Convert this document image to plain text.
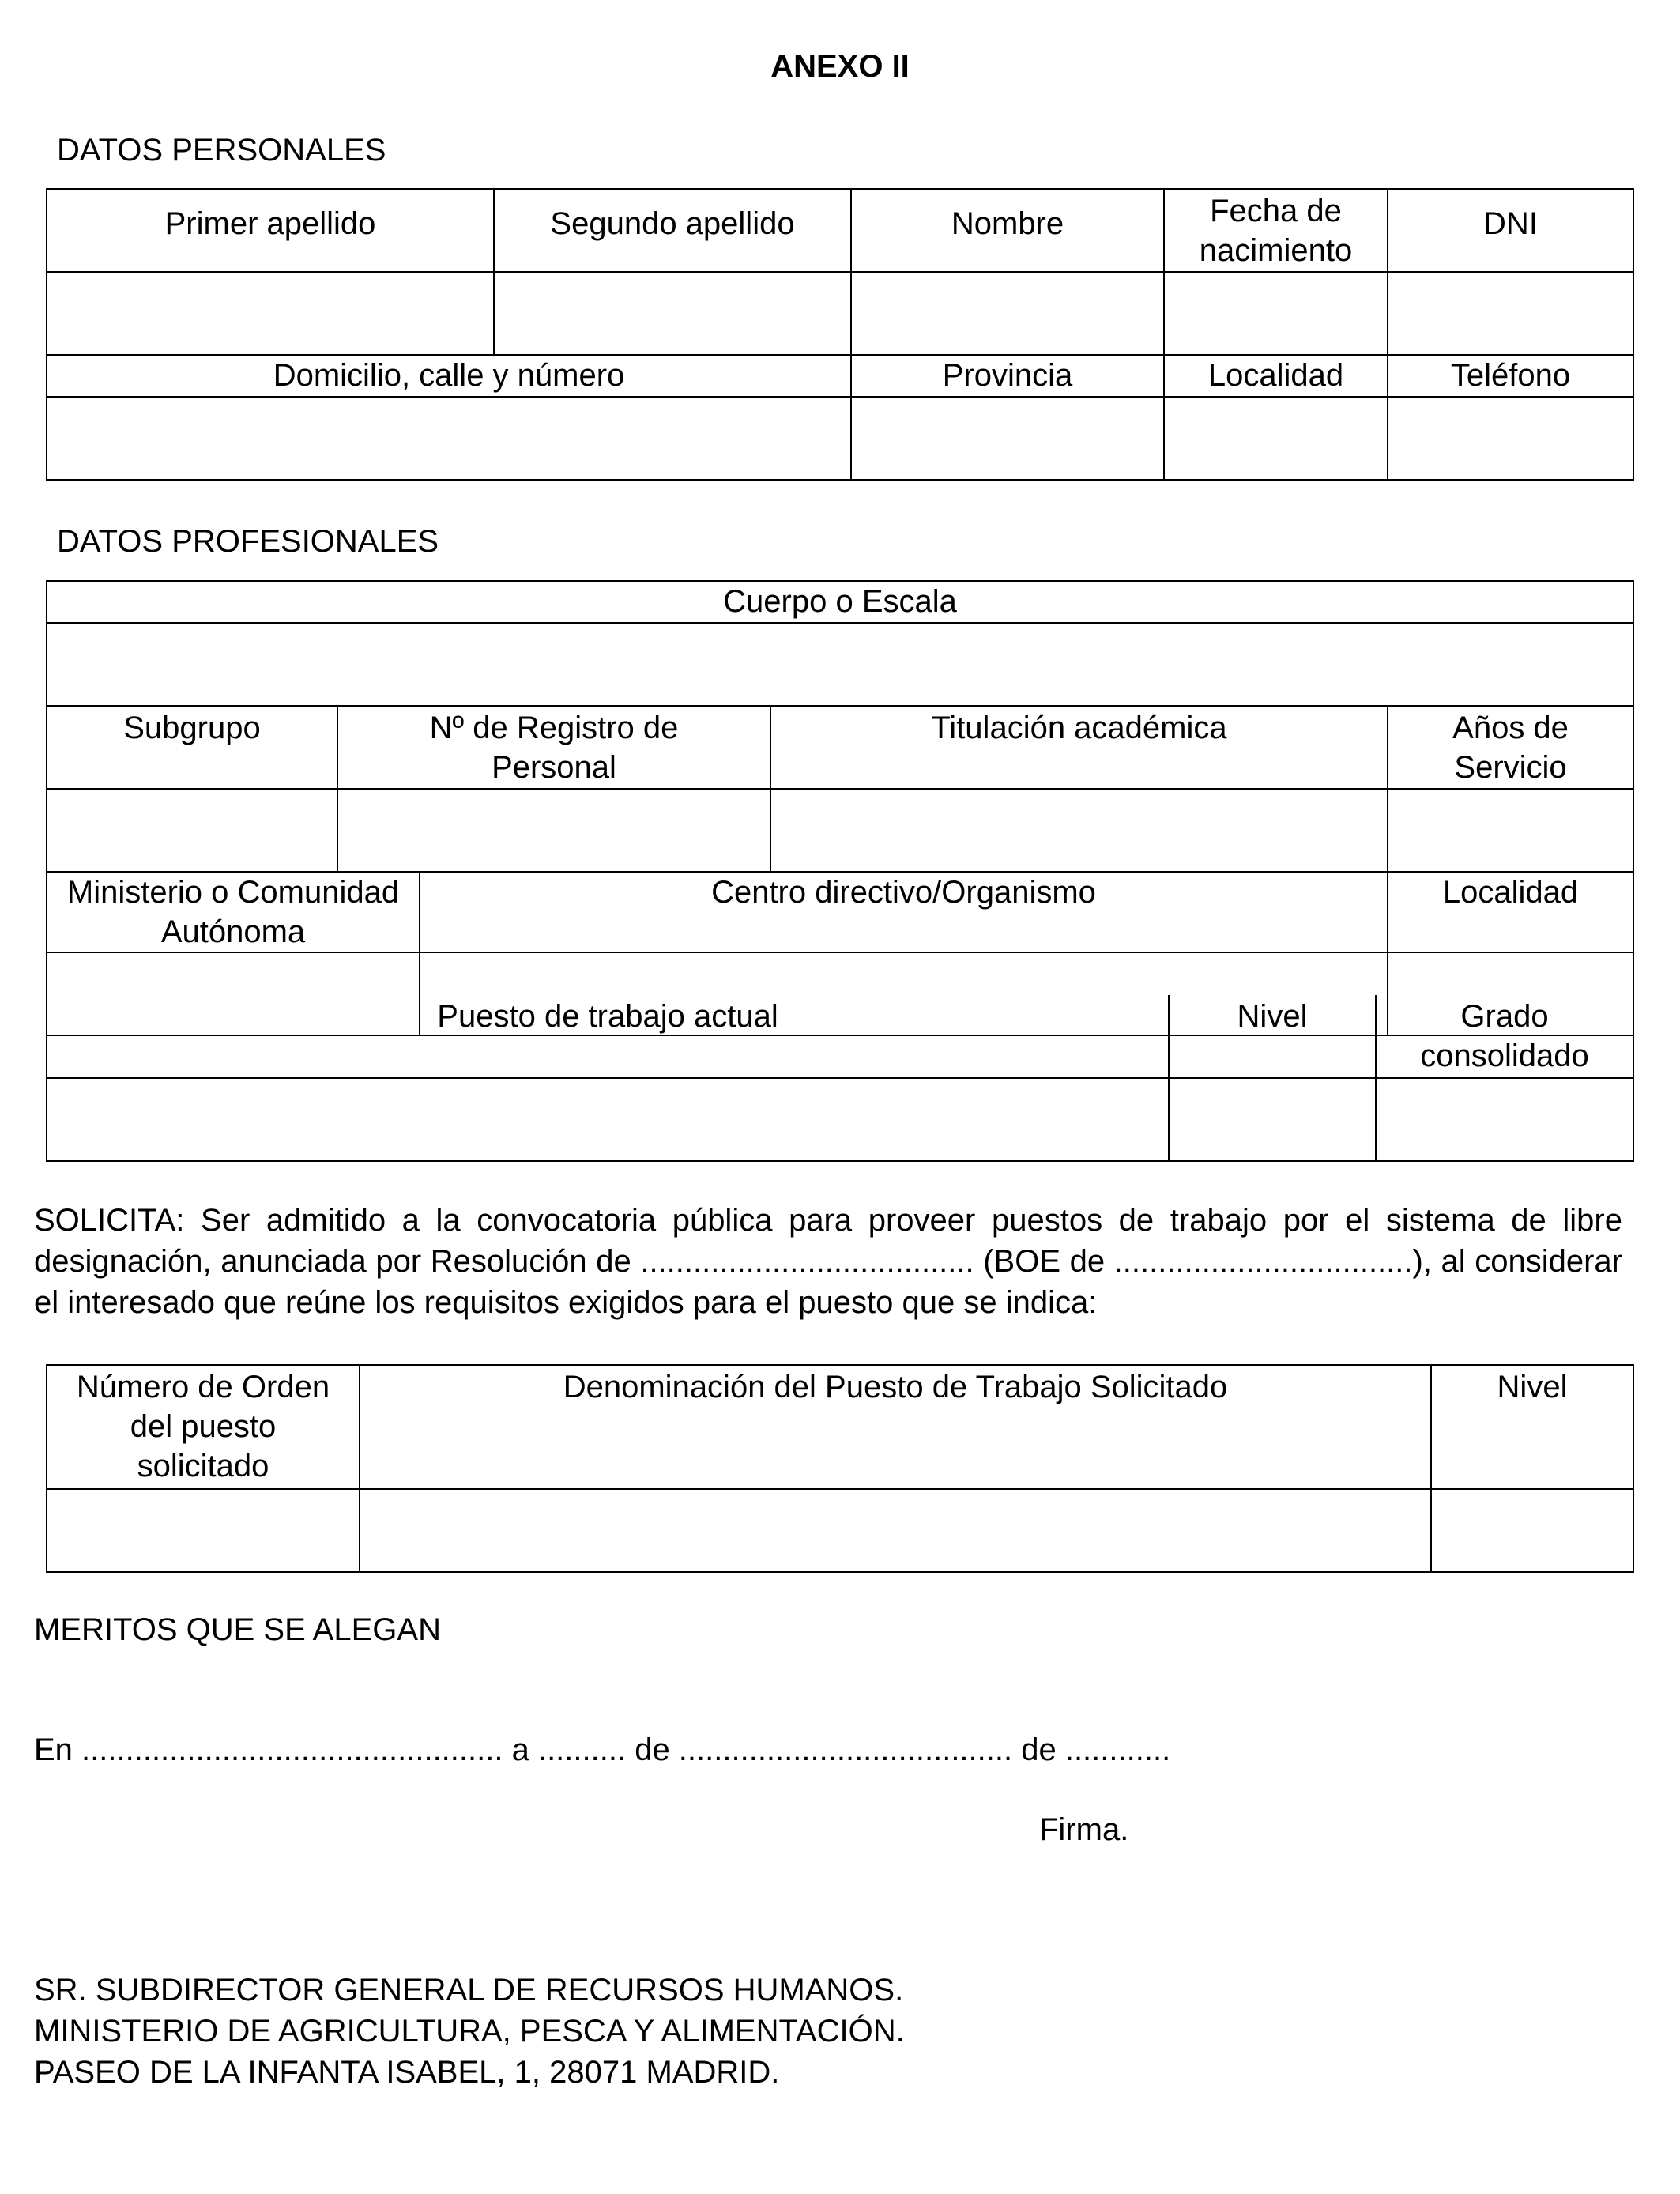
ANEXO II
DATOS PERSONALES
Primer apellido	Segundo apellido	Nombre	Fecha de nacimiento	DNI

Domicilio, calle y número		Provincia	Localidad	Teléfono

DATOS PROFESIONALES
Cuerpo o Escala				

Subgrupo	Nº de Registro de Personal		Titulación académica	Años de Servicio

Ministerio o Comunidad Autónoma		Centro directivo/Organismo		Localidad

Puesto de trabajo actual	Nivel	Grado consolidado

SOLICITA: Ser admitido a la convocatoria pública para proveer puestos de trabajo por el sistema de libre designación, anunciada por Resolución de ...................................... (BOE de ..................................), al considerar el interesado que reúne los requisitos exigidos para el puesto que se indica:
Número de Orden del puesto solicitado	Denominación del Puesto de Trabajo Solicitado	Nivel

MERITOS QUE SE ALEGAN
En ................................................ a .......... de ...................................... de ............
Firma.
SR. SUBDIRECTOR GENERAL DE RECURSOS HUMANOS.
MINISTERIO DE AGRICULTURA, PESCA Y ALIMENTACIÓN.
PASEO DE LA INFANTA ISABEL, 1, 28071 MADRID.
